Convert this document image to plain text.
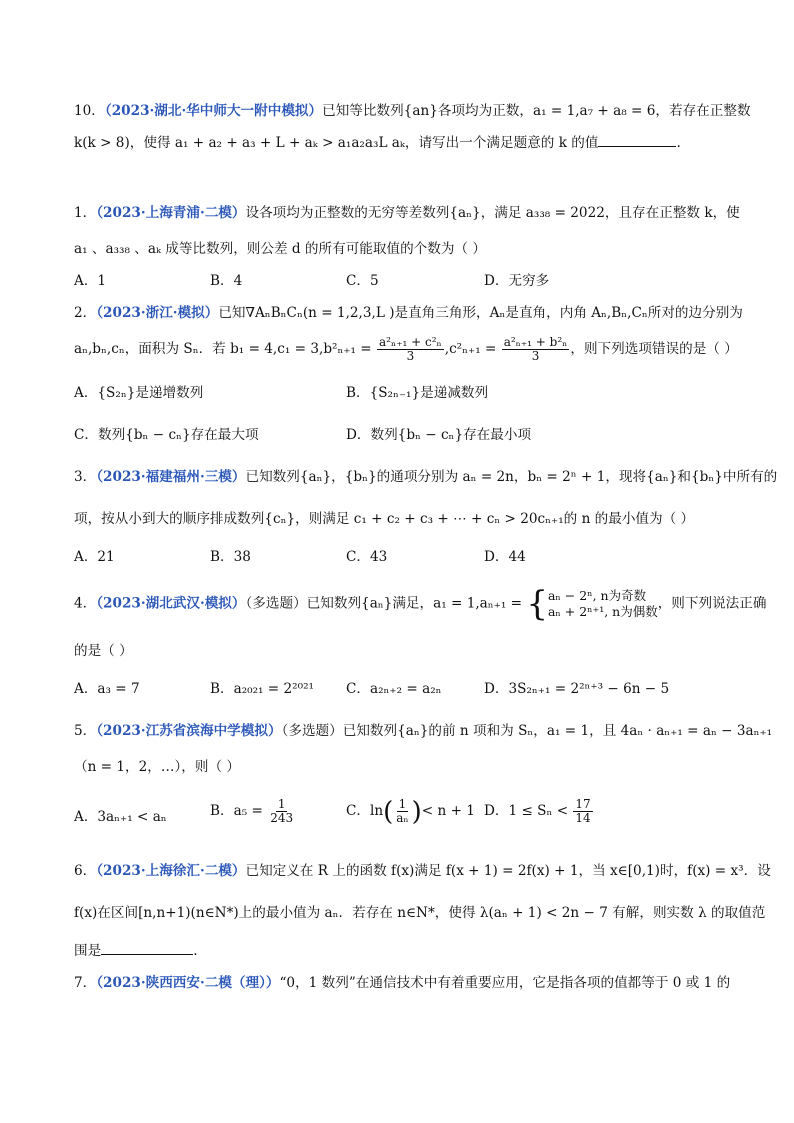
10．（2023·湖北·华中师大一附中模拟）已知等比数列{an}各项均为正数，a₁ = 1,a₇ + a₈ = 6，若存在正整数
k(k > 8)，使得 a₁ + a₂ + a₃ + L + aₖ > a₁a₂a₃L aₖ，请写出一个满足题意的 k 的值	.
1．（2023·上海青浦·二模）设各项均为正整数的无穷等差数列{aₙ}，满足 a₃₃₈ = 2022，且存在正整数 k，使
a₁ 、a₃₃₈ 、aₖ 成等比数列，则公差 d 的所有可能取值的个数为（ ）
A．1	B．4	C．5	D．无穷多
2．（2023·浙江·模拟）已知∇AₙBₙCₙ(n = 1,2,3,L )是直角三角形，Aₙ是直角，内角 Aₙ,Bₙ,Cₙ所对的边分别为
aₙ,bₙ,cₙ，面积为 Sₙ．若 $b_1 = 4,c_1 = 3,b^2_{n+1} = \frac{\text{a²ₙ₊₁ + c²ₙ}}{3} ,c^2_{n+1} = \frac{\text{a²ₙ₊₁ + b²ₙ}}{3}$ ，则下列选项错误的是（ ）
A．{S₂ₙ}是递增数列	B．{S₂ₙ₋₁}是递减数列
C．数列{bₙ − cₙ}存在最大项	D．数列{bₙ − cₙ}存在最小项
3．（2023·福建福州·三模）已知数列{aₙ}，{bₙ}的通项分别为 aₙ = 2n，bₙ = 2ⁿ + 1，现将{aₙ}和{bₙ}中所有的
项，按从小到大的顺序排成数列{cₙ}，则满足 c₁ + c₂ + c₃ + ⋯ + cₙ > 20cₙ₊₁的 n 的最小值为（ ）
A．21	B．38	C．43	D．44
4．（2023·湖北武汉·模拟）（多选题）已知数列{aₙ}满足，a₁ = 1,aₙ₊₁ = { aₙ − 2ⁿ, n为奇数
aₙ + 2ⁿ⁺¹, n为偶数 ，则下列说法正确
的是（ ）
A．a₃ = 7	B．a₂₀₂₁ = 2²⁰²¹ C．a₂ₙ₊₂ = a₂ₙ	D．3S₂ₙ₊₁ = 2²ⁿ⁺³ − 6n − 5
5．（2023·江苏省滨海中学模拟）（多选题）已知数列{aₙ}的前 n 项和为 Sₙ，a₁ = 1，且 4aₙ · aₙ₊₁ = aₙ − 3aₙ₊₁
（n = 1，2，…），则（ ）
A．3aₙ₊₁ < aₙ	B．$a_5 = \frac{1}{243}$	C．ln ( $\frac{1}{\text{aₙ}}$ ) < n + 1 D．$1 \le S_n < \frac{17}{14}$
6．（2023·上海徐汇·二模）已知定义在 R 上的函数 f(x)满足 f(x + 1) = 2f(x) + 1，当 x∈[0,1)时，f(x) = x³．设
f(x)在区间[n,n+1)(n∈N*)上的最小值为 aₙ．若存在 n∈N*，使得 λ(aₙ + 1) < 2n − 7 有解，则实数 λ 的取值范
围是	.
7．（2023·陕西西安·二模（理））“0，1 数列”在通信技术中有着重要应用，它是指各项的值都等于 0 或 1 的
